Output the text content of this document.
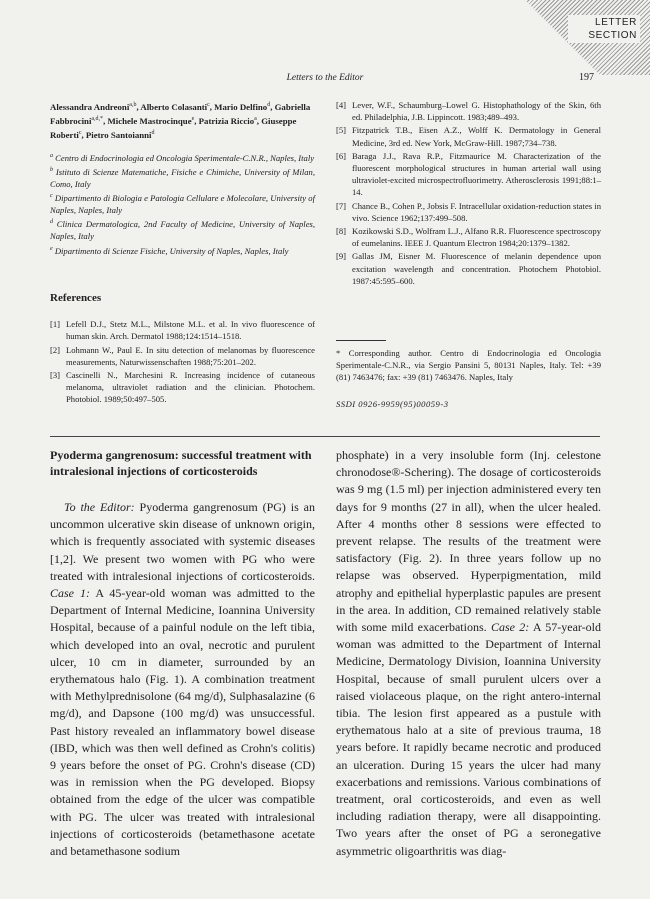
LETTER
SECTION
Letters to the Editor	197
Alessandra Andreoni$^{a,b}$, Alberto Colasanti$^c$, Mario Delfino$^d$, Gabriella Fabbrocini$^{a,d,*}$, Michele Mastrocinque$^e$, Patrizia Riccio$^a$, Giuseppe Roberti$^c$, Pietro Santoianni$^d$
$^a$ Centro di Endocrinologia ed Oncologia Sperimentale-C.N.R., Naples, Italy
$^b$ Istituto di Scienze Matematiche, Fisiche e Chimiche, University of Milan, Como, Italy
$^c$ Dipartimento di Biologia e Patologia Cellulare e Molecolare, University of Naples, Naples, Italy
$^d$ Clinica Dermatologica, 2nd Faculty of Medicine, University of Naples, Naples, Italy
$^e$ Dipartimento di Scienze Fisiche, University of Naples, Naples, Italy
References
[1] Lefell D.J., Stetz M.L., Milstone M.L. et al. In vivo fluorescence of human skin. Arch. Dermatol 1988;124:1514–1518.
[2] Lohmann W., Paul E. In situ detection of melanomas by fluorescence measurements, Naturwissenschaften 1988;75:201–202.
[3] Cascinelli N., Marchesini R. Increasing incidence of cutaneous melanoma, ultraviolet radiation and the clinician. Photochem. Photobiol. 1989;50:497–505.
[4] Lever, W.F., Schaumburg–Lowel G. Histophathology of the Skin, 6th ed. Philadelphia, J.B. Lippincott. 1983;489–493.
[5] Fitzpatrick T.B., Eisen A.Z., Wolff K. Dermatology in General Medicine, 3rd ed. New York, McGraw-Hill. 1987;734–738.
[6] Baraga J.J., Rava R.P., Fitzmaurice M. Characterization of the fluorescent morphological structures in human arterial wall using ultraviolet-excited microspectrofluorimetry. Atherosclerosis 1991;88:1–14.
[7] Chance B., Cohen P., Jobsis F. Intracellular oxidation-reduction states in vivo. Science 1962;137:499–508.
[8] Kozikowski S.D., Wolfram L.J., Alfano R.R. Fluorescence spectroscopy of eumelanins. IEEE J. Quantum Electron 1984;20:1379–1382.
[9] Gallas JM, Eisner M. Fluorescence of melanin dependence upon excitation wavelength and concentration. Photochem Photobiol. 1987:45:595–600.
* Corresponding author. Centro di Endocrinologia ed Oncologia Sperimentale-C.N.R., via Sergio Pansini 5, 80131 Naples, Italy. Tel: +39 (81) 7463476; fax: +39 (81) 7463476. Naples, Italy
SSDI 0926-9959(95)00059-3
Pyoderma gangrenosum: successful treatment with intralesional injections of corticosteroids

To the Editor: Pyoderma gangrenosum (PG) is an uncommon ulcerative skin disease of unknown origin, which is frequently associated with systemic diseases [1,2]. We present two women with PG who were treated with intralesional injections of corticosteroids. Case 1: A 45-year-old woman was admitted to the Department of Internal Medicine, Ioannina University Hospital, because of a painful nodule on the left tibia, which developed into an oval, necrotic and purulent ulcer, 10 cm in diameter, surrounded by an erythematous halo (Fig. 1). A combination treatment with Methylprednisolone (64 mg/d), Sulphasalazine (6 mg/d), and Dapsone (100 mg/d) was unsuccessful. Past history revealed an inflammatory bowel disease (IBD, which was then well defined as Crohn's colitis) 9 years before the onset of PG. Crohn's disease (CD) was in remission when the PG developed. Biopsy obtained from the edge of the ulcer was compatible with PG. The ulcer was treated with intralesional injections of corticosteroids (betamethasone acetate and betamethasone sodium

phosphate) in a very insoluble form (Inj. celestone chronodose®-Schering). The dosage of corticosteroids was 9 mg (1.5 ml) per injection administered every ten days for 9 months (27 in all), when the ulcer healed. After 4 months other 8 sessions were effected to prevent relapse. The results of the treatment were satisfactory (Fig. 2). In three years follow up no relapse was observed. Hyperpigmentation, mild atrophy and epithelial hyperplastic papules are present in the area. In addition, CD remained relatively stable with some mild exacerbations. Case 2: A 57-year-old woman was admitted to the Department of Internal Medicine, Dermatology Division, Ioannina University Hospital, because of small purulent ulcers over a raised violaceous plaque, on the right antero-internal tibia. The lesion first appeared as a pustule with erythematous halo at a site of previous trauma, 18 years before. It rapidly became necrotic and produced an ulceration. During 15 years the ulcer had many exacerbations and remissions. Various combinations of treatment, oral corticosteroids, and even as well including radiation therapy, were all disappointing. Two years after the onset of PG a seronegative asymmetric oligoarthritis was diag-
